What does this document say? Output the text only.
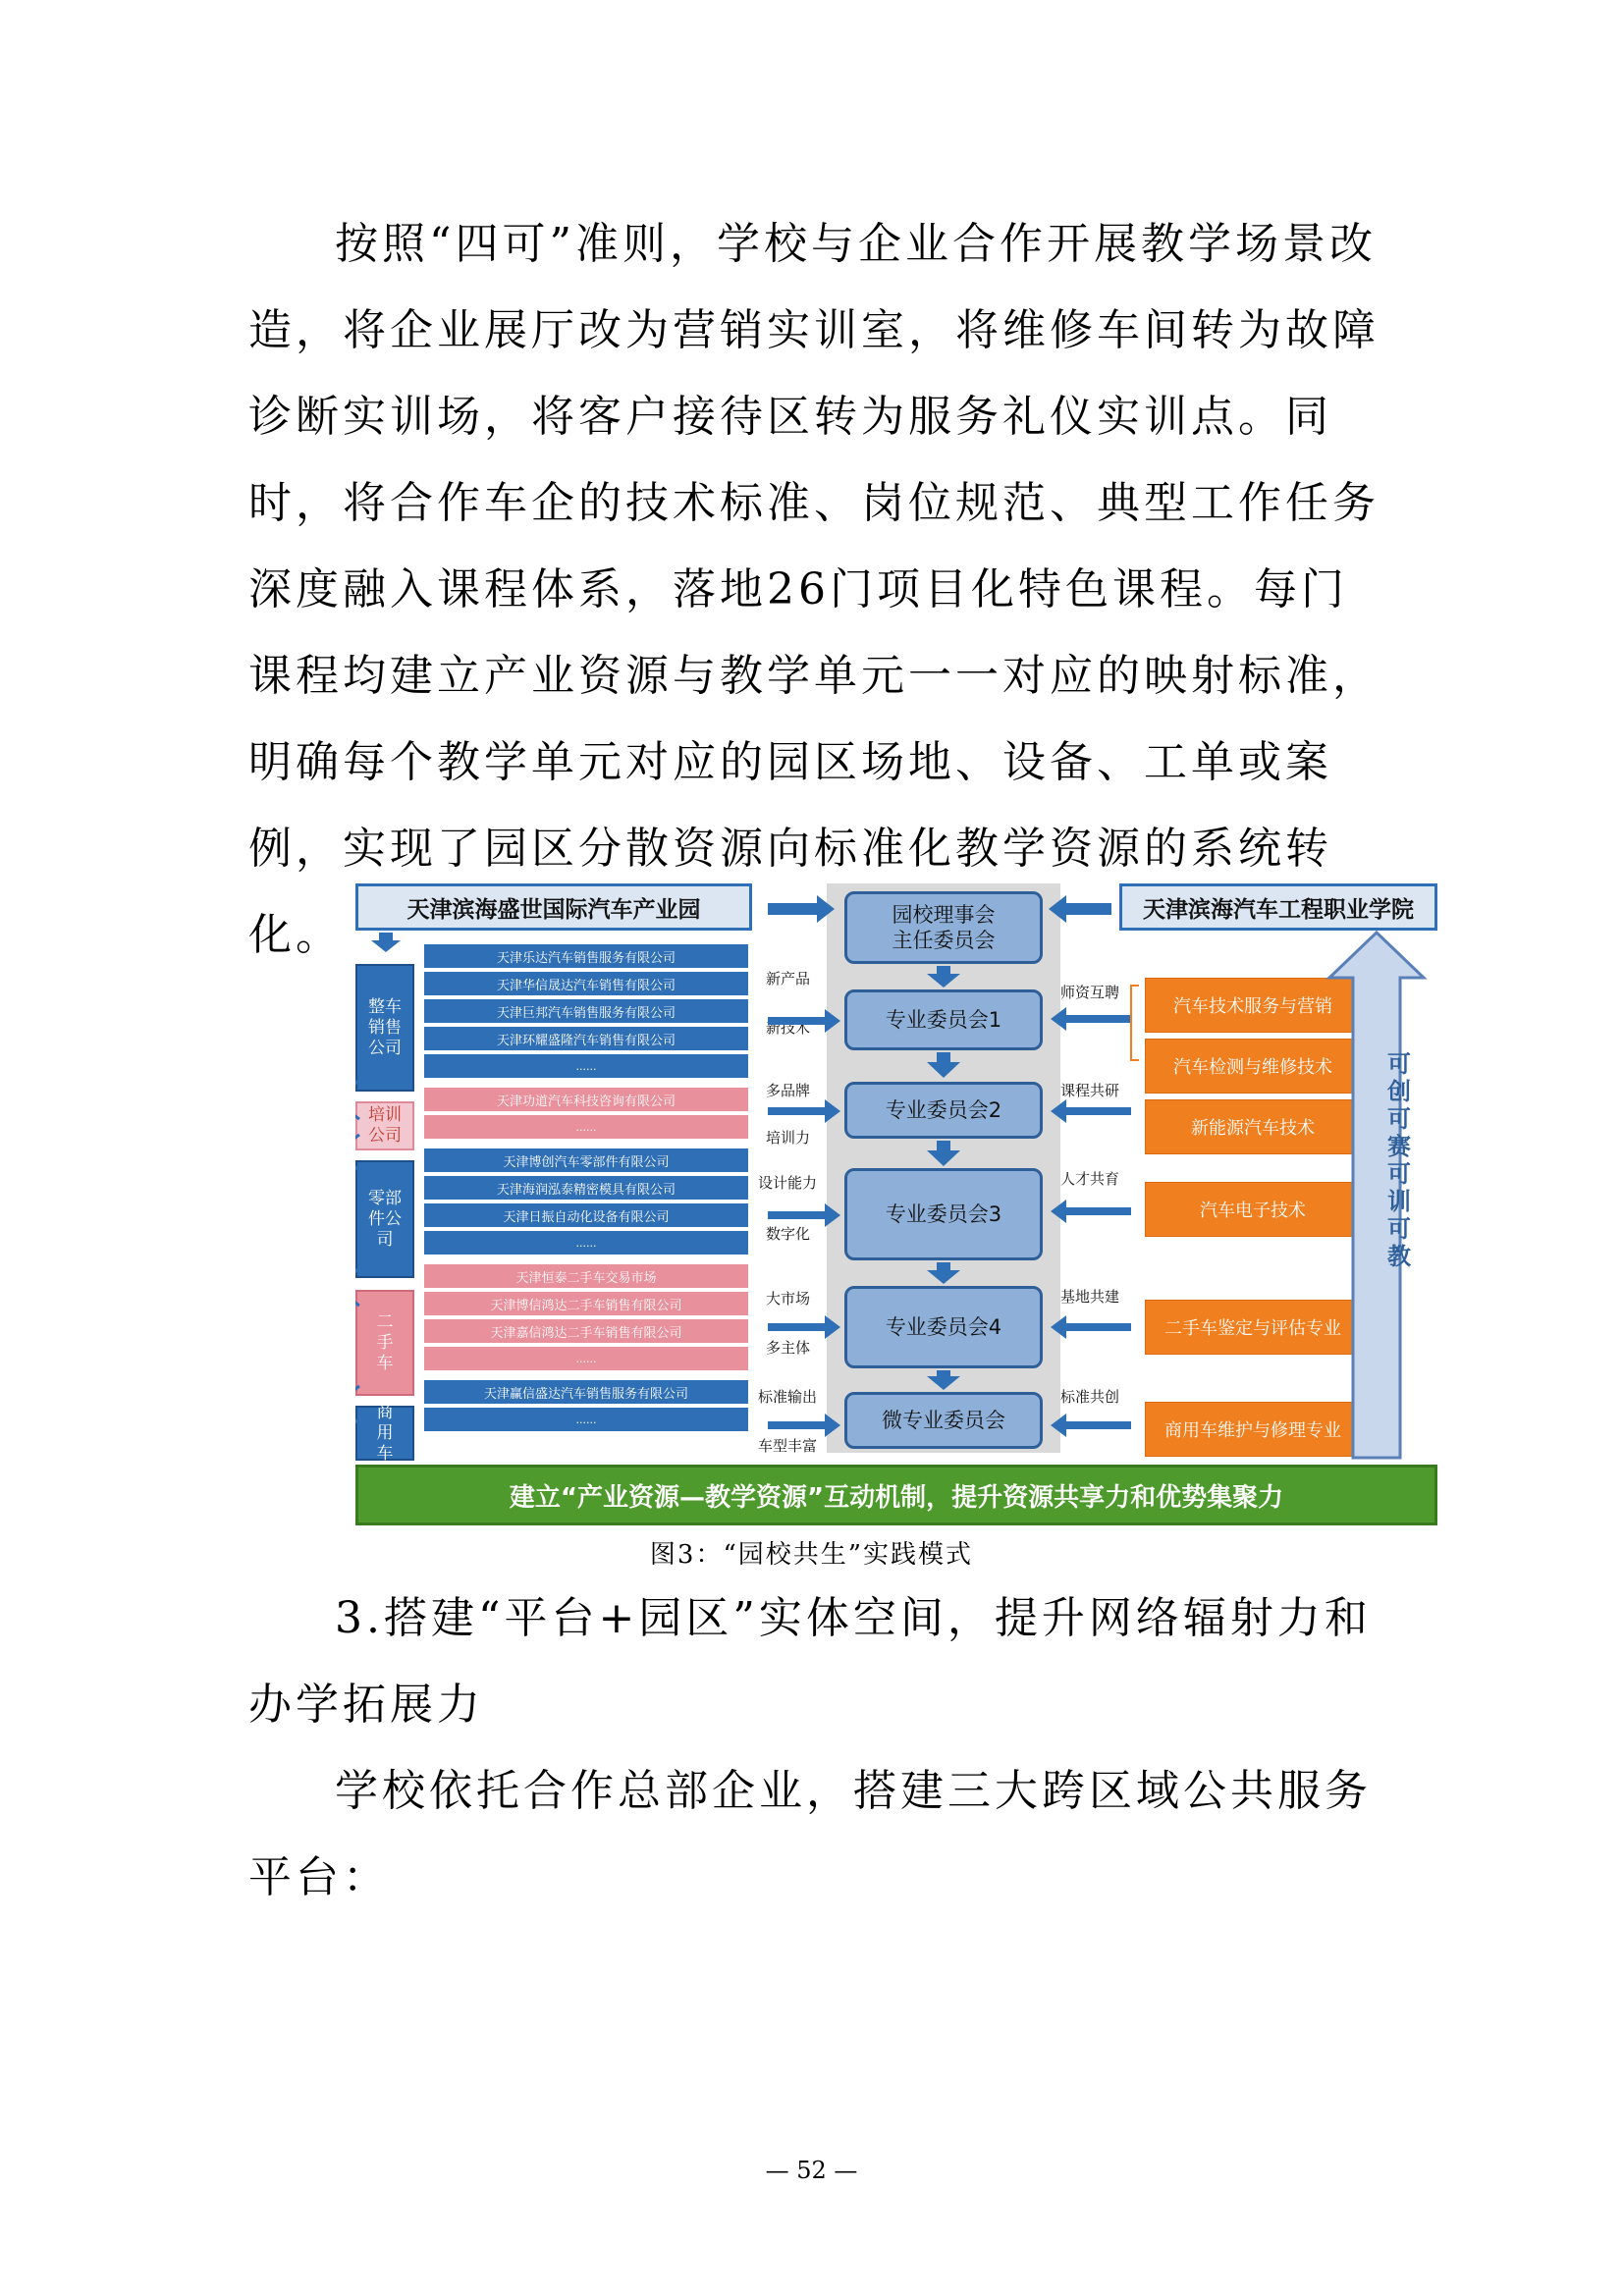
按照“四可”准则，学校与企业合作开展教学场景改造，将企业展厅改为营销实训室，将维修车间转为故障诊断实训场，将客户接待区转为服务礼仪实训点。同时，将合作车企的技术标准、岗位规范、典型工作任务深度融入课程体系，落地26门项目化特色课程。每门课程均建立产业资源与教学单元一一对应的映射标准，明确每个教学单元对应的园区场地、设备、工单或案例，实现了园区分散资源向标准化教学资源的系统转化。

天津滨海盛世国际汽车产业园	天津滨海汽车工程职业学院
园校理事会
主任委员会
专业委员会1
专业委员会2
专业委员会3
专业委员会4
微专业委员会
整车
销售
公司
培训
公司
零部
件公
司
二
手
车
商
用
车
天津乐达汽车销售服务有限公司
天津华信晟达汽车销售有限公司
天津巨邦汽车销售服务有限公司
天津环耀盛隆汽车销售有限公司
......
天津功道汽车科技咨询有限公司
......
天津博创汽车零部件有限公司
天津海润泓泰精密模具有限公司
天津日振自动化设备有限公司
......
天津恒泰二手车交易市场
天津博信鸿达二手车销售有限公司
天津嘉信鸿达二手车销售有限公司
......
天津赢信盛达汽车销售服务有限公司
......
新产品
新技术
多品牌
培训力
设计能力
数字化
大市场
多主体
标准输出
车型丰富
师资互聘
课程共研
人才共育
基地共建
标准共创
汽车技术服务与营销
汽车检测与维修技术
新能源汽车技术
汽车电子技术
二手车鉴定与评估专业
商用车维护与修理专业
可创 可赛 可训 可教
建立“产业资源—教学资源”互动机制，提升资源共享力和优势集聚力
图3：“园校共生”实践模式

3.搭建“平台+园区”实体空间，提升网络辐射力和办学拓展力

学校依托合作总部企业，搭建三大跨区域公共服务平台：

— 52 —
